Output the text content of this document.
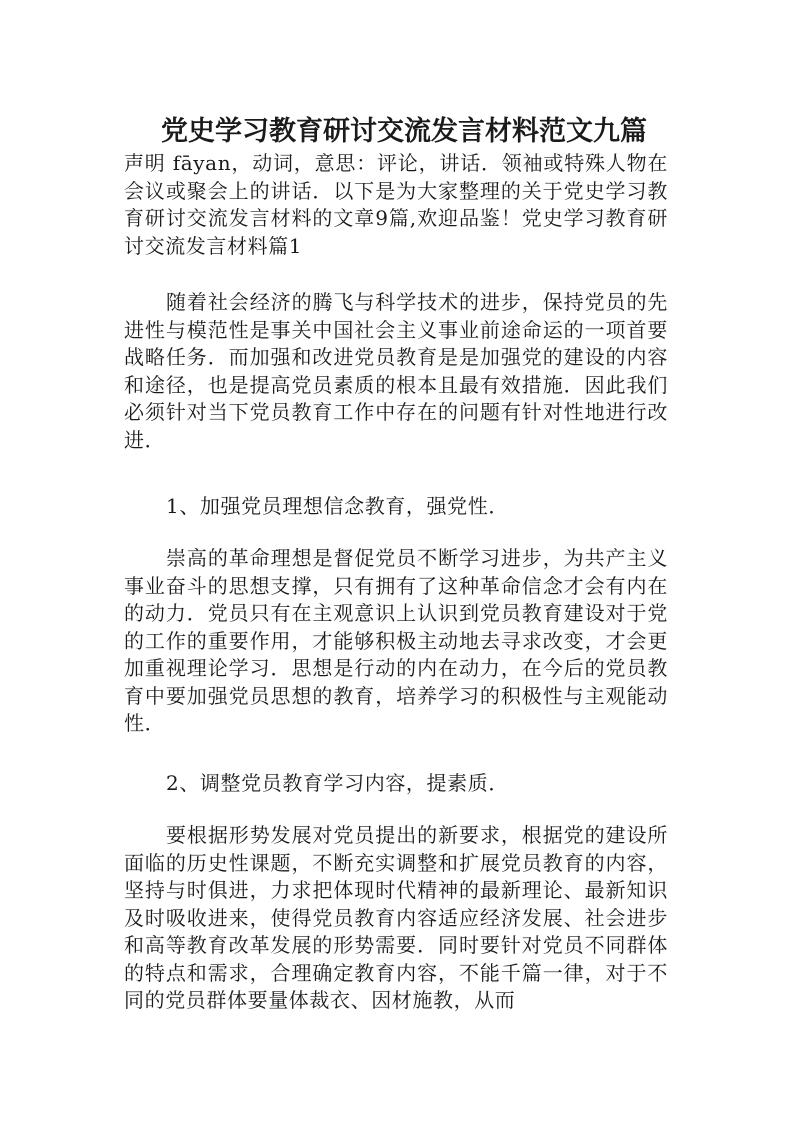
党史学习教育研讨交流发言材料范文九篇

声明 fāyan，动词，意思：评论，讲话．领袖或特殊人物在会议或聚会上的讲话．以下是为大家整理的关于党史学习教育研讨交流发言材料的文章9篇,欢迎品鉴！党史学习教育研讨交流发言材料篇1

随着社会经济的腾飞与科学技术的进步，保持党员的先进性与模范性是事关中国社会主义事业前途命运的一项首要战略任务．而加强和改进党员教育是是加强党的建设的内容和途径，也是提高党员素质的根本且最有效措施．因此我们必须针对当下党员教育工作中存在的问题有针对性地进行改进．

1、加强党员理想信念教育，强党性．

崇高的革命理想是督促党员不断学习进步，为共产主义事业奋斗的思想支撑，只有拥有了这种革命信念才会有内在的动力．党员只有在主观意识上认识到党员教育建设对于党的工作的重要作用，才能够积极主动地去寻求改变，才会更加重视理论学习．思想是行动的内在动力，在今后的党员教育中要加强党员思想的教育，培养学习的积极性与主观能动性．

2、调整党员教育学习内容，提素质．

要根据形势发展对党员提出的新要求，根据党的建设所面临的历史性课题，不断充实调整和扩展党员教育的内容，坚持与时俱进，力求把体现时代精神的最新理论、最新知识及时吸收进来，使得党员教育内容适应经济发展、社会进步和高等教育改革发展的形势需要．同时要针对党员不同群体的特点和需求，合理确定教育内容，不能千篇一律，对于不同的党员群体要量体裁衣、因材施教，从而
